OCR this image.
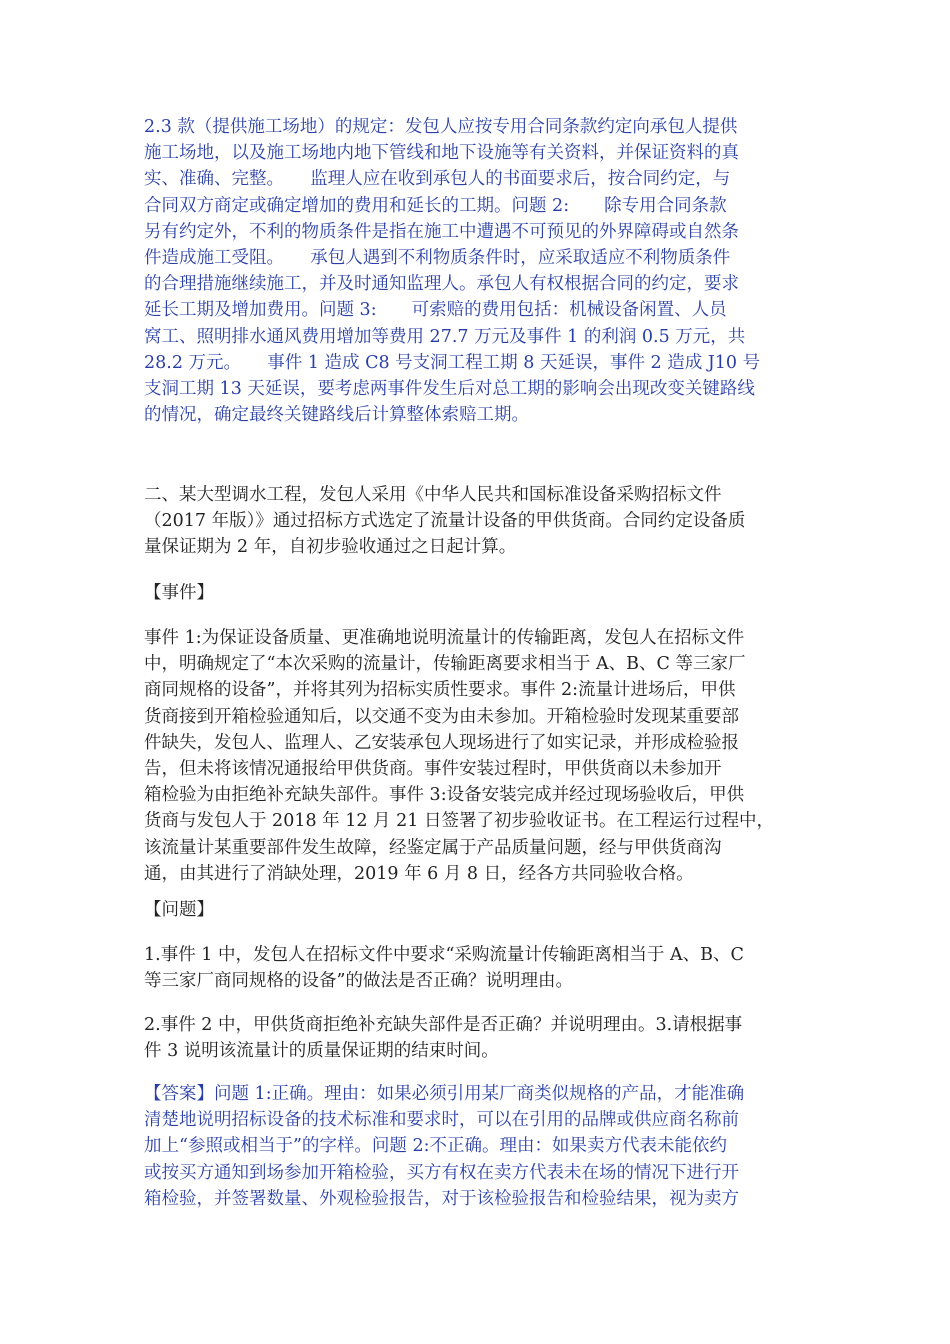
2.3 款（提供施工场地）的规定：发包人应按专用合同条款约定向承包人提供
施工场地，以及施工场地内地下管线和地下设施等有关资料，并保证资料的真
实、准确、完整。　　监理人应在收到承包人的书面要求后，按合同约定，与
合同双方商定或确定增加的费用和延长的工期。问题 2:　　除专用合同条款
另有约定外，不利的物质条件是指在施工中遭遇不可预见的外界障碍或自然条
件造成施工受阻。　　承包人遇到不利物质条件时，应采取适应不利物质条件
的合理措施继续施工，并及时通知监理人。承包人有权根据合同的约定，要求
延长工期及增加费用。问题 3:　　可索赔的费用包括：机械设备闲置、人员
窝工、照明排水通风费用增加等费用 27.7 万元及事件 1 的利润 0.5 万元，共
28.2 万元。　　事件 1 造成 C8 号支洞工程工期 8 天延误，事件 2 造成 J10 号
支洞工期 13 天延误，要考虑两事件发生后对总工期的影响会出现改变关键路线
的情况，确定最终关键路线后计算整体索赔工期。
二、某大型调水工程，发包人采用《中华人民共和国标准设备采购招标文件
（2017 年版）》通过招标方式选定了流量计设备的甲供货商。合同约定设备质
量保证期为 2 年，自初步验收通过之日起计算。
【事件】
事件 1:为保证设备质量、更准确地说明流量计的传输距离，发包人在招标文件
中，明确规定了“本次采购的流量计，传输距离要求相当于 A、B、C 等三家厂
商同规格的设备”，并将其列为招标实质性要求。事件 2:流量计进场后，甲供
货商接到开箱检验通知后，以交通不变为由未参加。开箱检验时发现某重要部
件缺失，发包人、监理人、乙安装承包人现场进行了如实记录，并形成检验报
告，但未将该情况通报给甲供货商。事件安装过程时，甲供货商以未参加开
箱检验为由拒绝补充缺失部件。事件 3:设备安装完成并经过现场验收后，甲供
货商与发包人于 2018 年 12 月 21 日签署了初步验收证书。在工程运行过程中，
该流量计某重要部件发生故障，经鉴定属于产品质量问题，经与甲供货商沟
通，由其进行了消缺处理，2019 年 6 月 8 日，经各方共同验收合格。
【问题】
1.事件 1 中，发包人在招标文件中要求“采购流量计传输距离相当于 A、B、C
等三家厂商同规格的设备”的做法是否正确？说明理由。
2.事件 2 中，甲供货商拒绝补充缺失部件是否正确？并说明理由。3.请根据事
件 3 说明该流量计的质量保证期的结束时间。
【答案】问题 1:正确。理由：如果必须引用某厂商类似规格的产品，才能准确
清楚地说明招标设备的技术标准和要求时，可以在引用的品牌或供应商名称前
加上“参照或相当于”的字样。问题 2:不正确。理由：如果卖方代表未能依约
或按买方通知到场参加开箱检验，买方有权在卖方代表未在场的情况下进行开
箱检验，并签署数量、外观检验报告，对于该检验报告和检验结果，视为卖方
